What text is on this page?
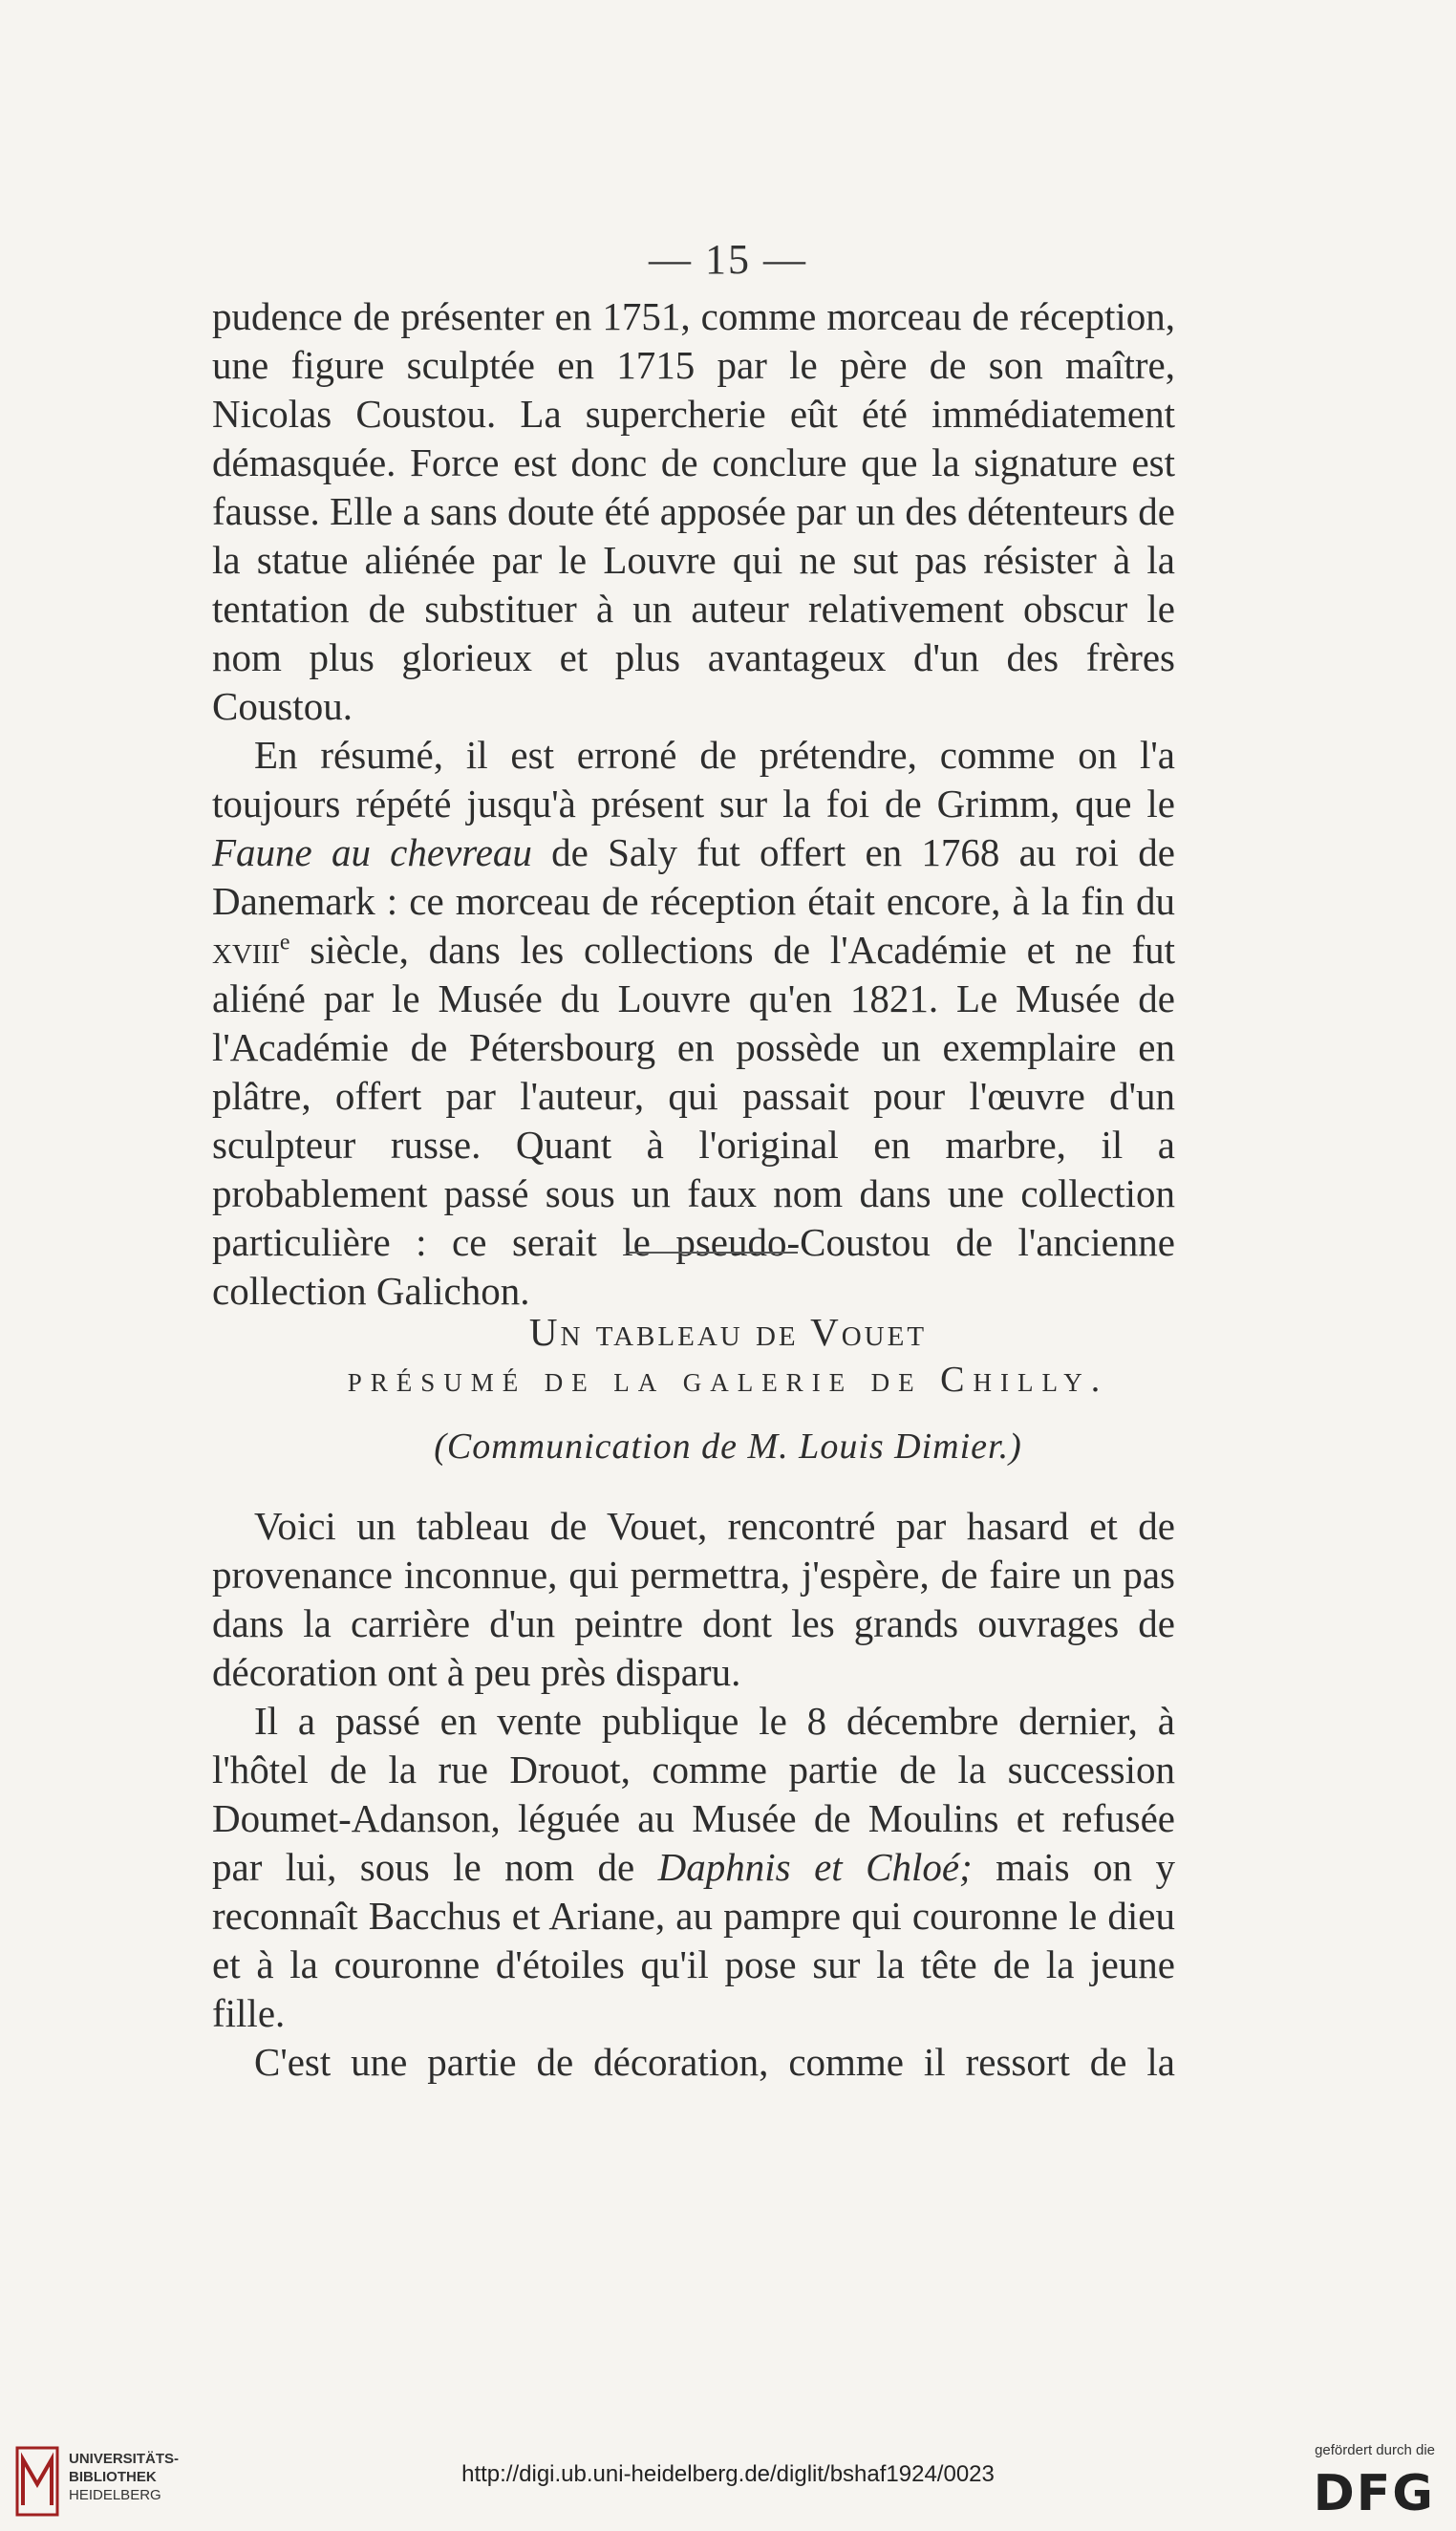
— 15 —

pudence de présenter en 1751, comme morceau de réception, une figure sculptée en 1715 par le père de son maître, Nicolas Coustou. La supercherie eût été immédiatement démasquée. Force est donc de conclure que la signature est fausse. Elle a sans doute été apposée par un des détenteurs de la statue aliénée par le Louvre qui ne sut pas résister à la tentation de substituer à un auteur relativement obscur le nom plus glorieux et plus avantageux d'un des frères Coustou.

En résumé, il est erroné de prétendre, comme on l'a toujours répété jusqu'à présent sur la foi de Grimm, que le Faune au chevreau de Saly fut offert en 1768 au roi de Danemark : ce morceau de réception était encore, à la fin du xviii$^e$ siècle, dans les collections de l'Académie et ne fut aliéné par le Musée du Louvre qu'en 1821. Le Musée de l'Académie de Pétersbourg en possède un exemplaire en plâtre, offert par l'auteur, qui passait pour l'œuvre d'un sculpteur russe. Quant à l'original en marbre, il a probablement passé sous un faux nom dans une collection particulière : ce serait le pseudo-Coustou de l'ancienne collection Galichon.

Un tableau de Vouet
présumé de la galerie de Chilly.
(Communication de M. Louis Dimier.)

Voici un tableau de Vouet, rencontré par hasard et de provenance inconnue, qui permettra, j'espère, de faire un pas dans la carrière d'un peintre dont les grands ouvrages de décoration ont à peu près disparu.

Il a passé en vente publique le 8 décembre dernier, à l'hôtel de la rue Drouot, comme partie de la succession Doumet-Adanson, léguée au Musée de Moulins et refusée par lui, sous le nom de Daphnis et Chloé; mais on y reconnaît Bacchus et Ariane, au pampre qui couronne le dieu et à la couronne d'étoiles qu'il pose sur la tête de la jeune fille.

C'est une partie de décoration, comme il ressort de la

UNIVERSITÄTS-
BIBLIOTHEK
HEIDELBERG
http://digi.ub.uni-heidelberg.de/diglit/bshaf1924/0023
gefördert durch die
DFG
